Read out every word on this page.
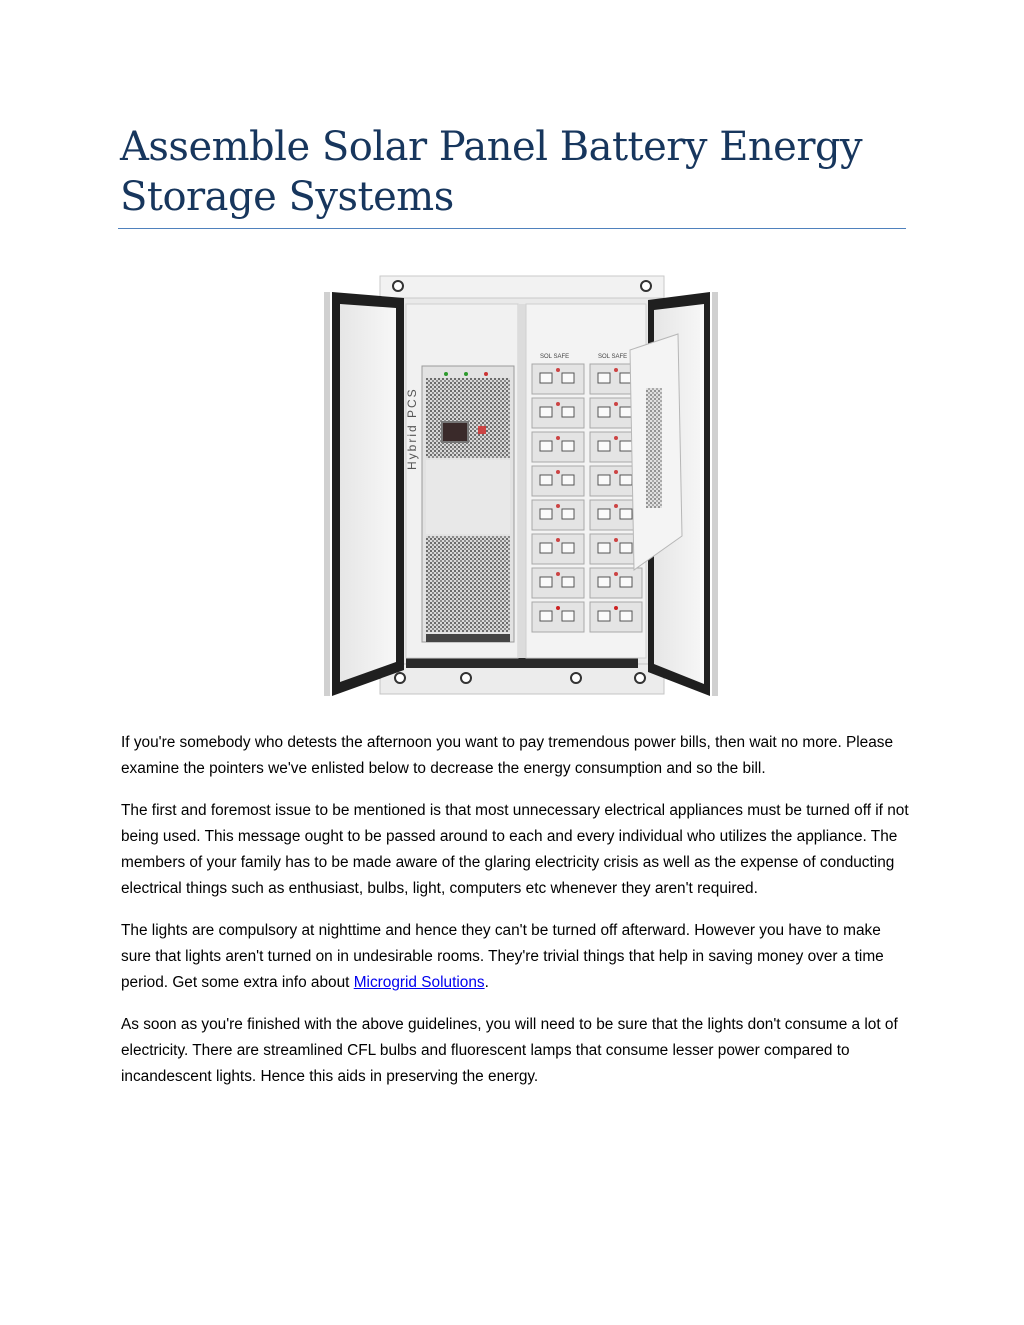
Assemble Solar Panel Battery Energy Storage Systems
Hybrid PCS
SOL SAFE	SOL SAFE

If you're somebody who detests the afternoon you want to pay tremendous power bills, then wait no more. Please examine the pointers we've enlisted below to decrease the energy consumption and so the bill.

The first and foremost issue to be mentioned is that most unnecessary electrical appliances must be turned off if not being used. This message ought to be passed around to each and every individual who utilizes the appliance. The members of your family has to be made aware of the glaring electricity crisis as well as the expense of conducting electrical things such as enthusiast, bulbs, light, computers etc whenever they aren't required.

The lights are compulsory at nighttime and hence they can't be turned off afterward. However you have to make sure that lights aren't turned on in undesirable rooms. They're trivial things that help in saving money over a time period. Get some extra info about Microgrid Solutions.

As soon as you're finished with the above guidelines, you will need to be sure that the lights don't consume a lot of electricity. There are streamlined CFL bulbs and fluorescent lamps that consume lesser power compared to incandescent lights. Hence this aids in preserving the energy.
